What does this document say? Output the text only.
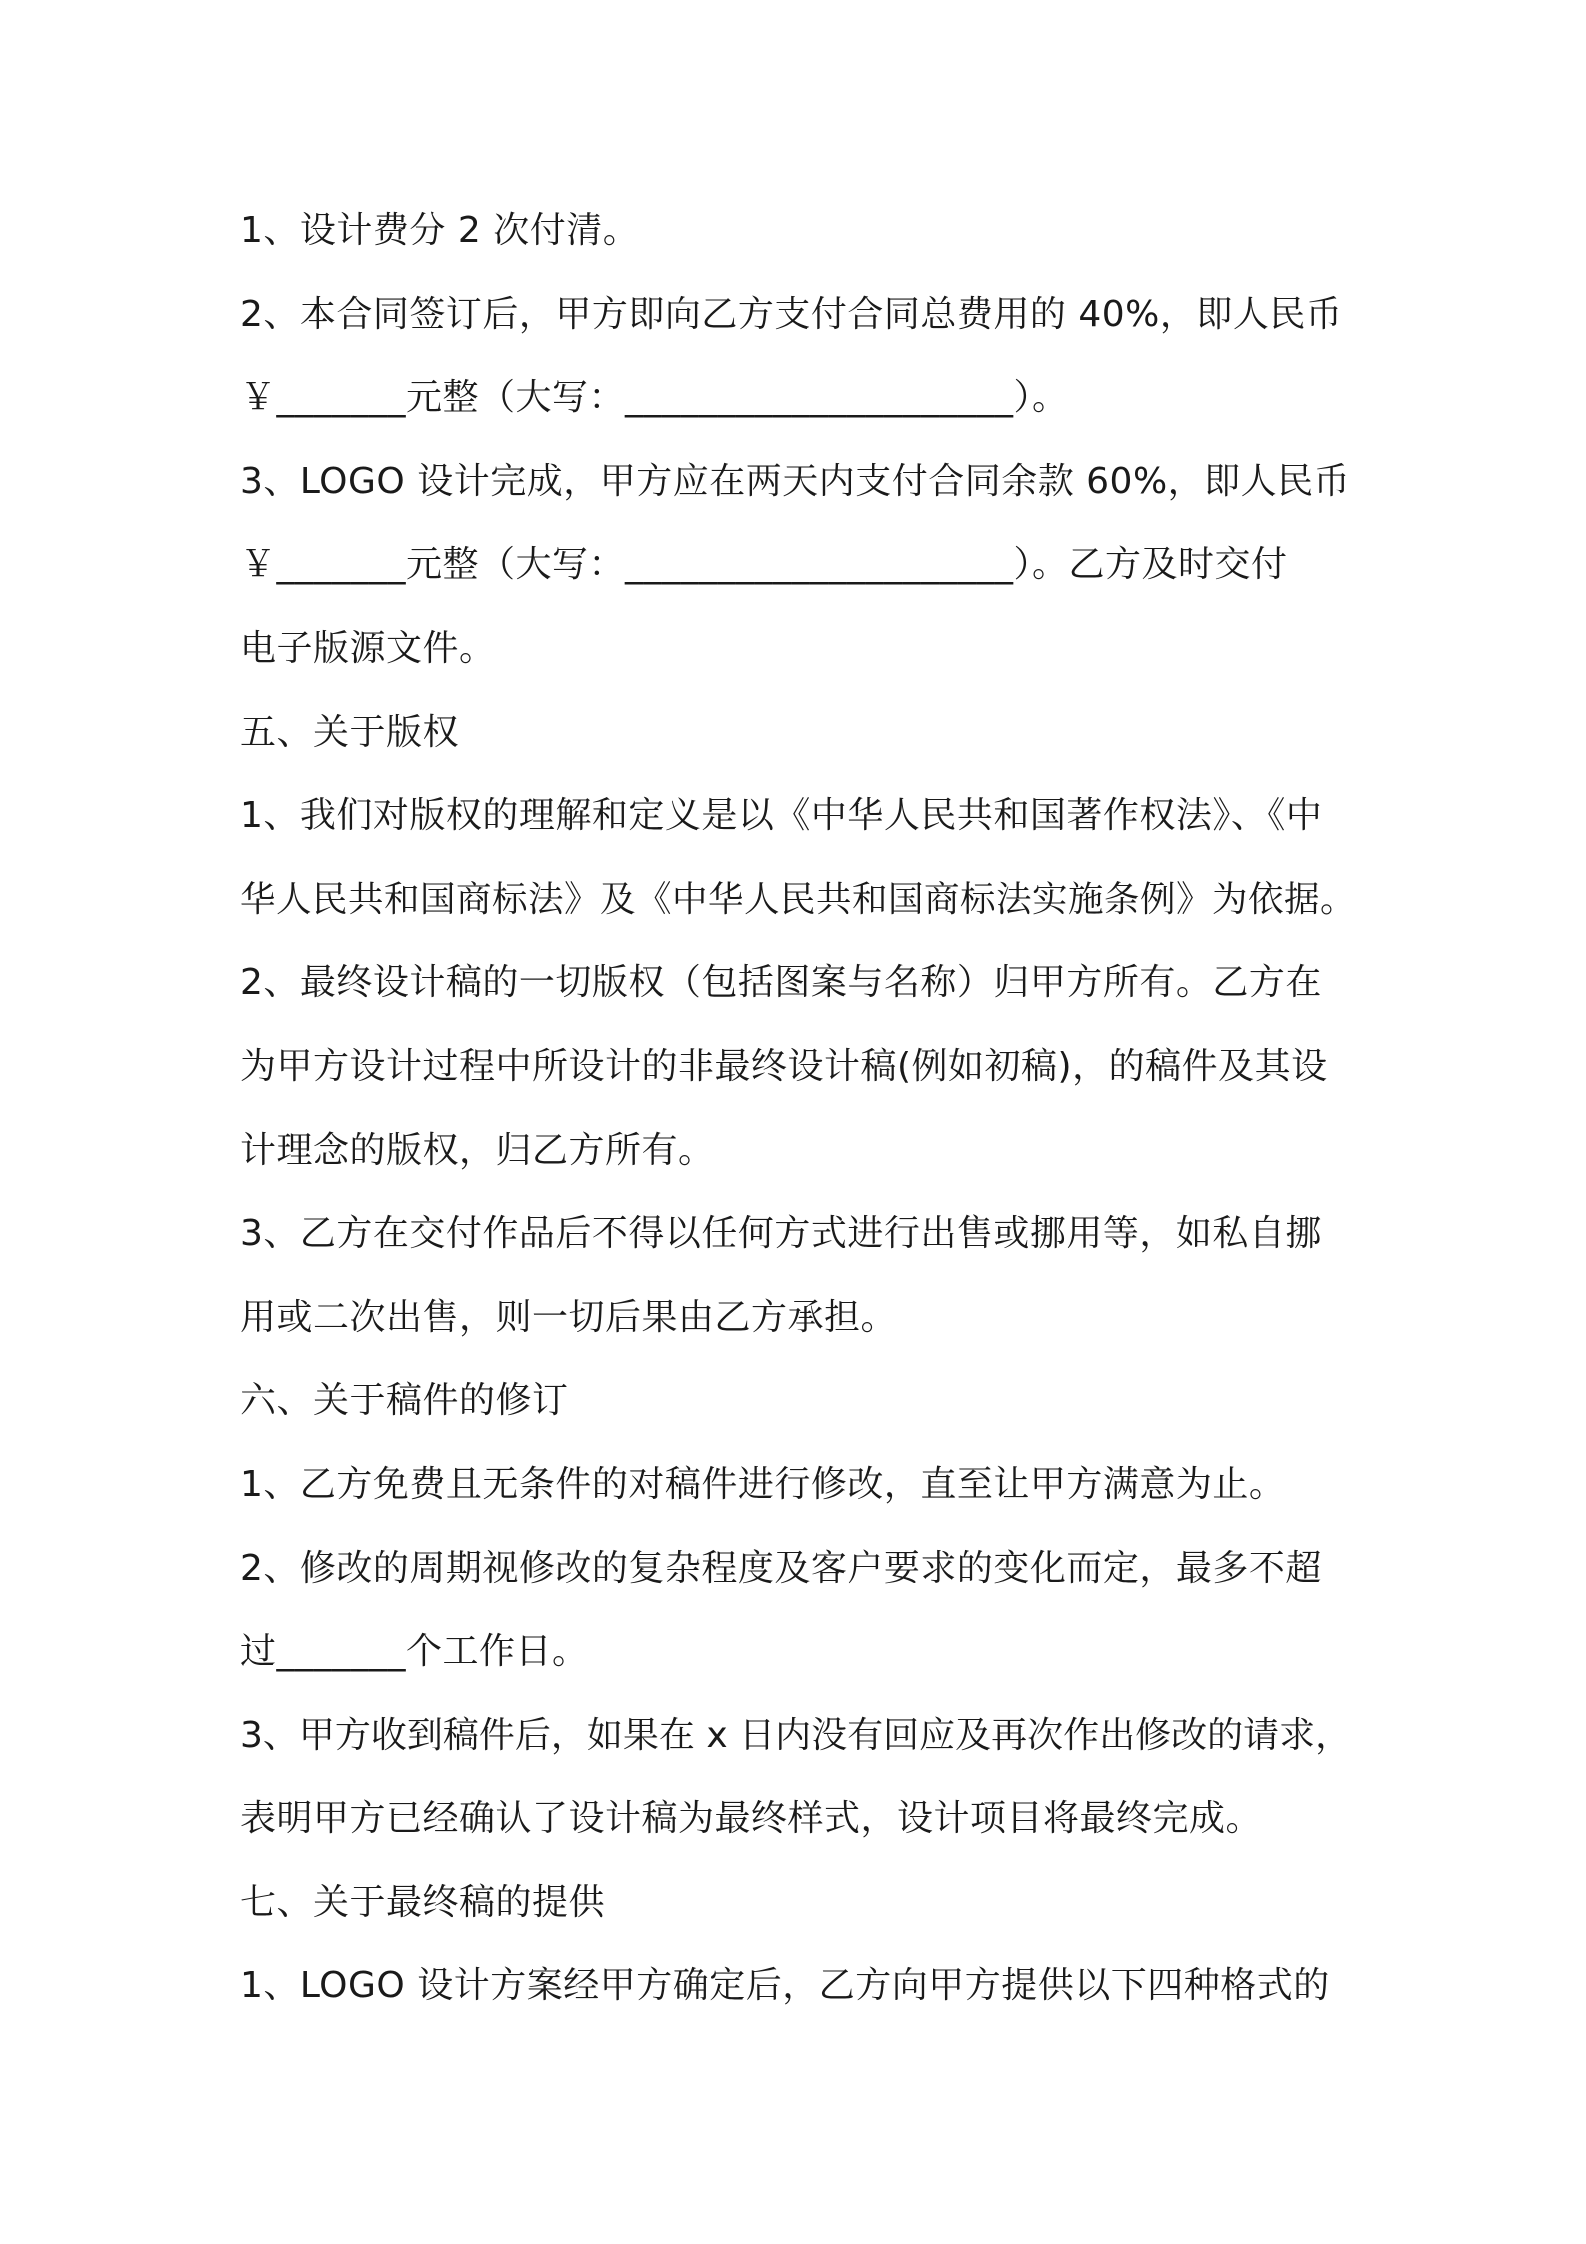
1、设计费分 2 次付清。
2、本合同签订后，甲方即向乙方支付合同总费用的 40%，即人民币
￥_______元整（大写：_____________________）。
3、LOGO 设计完成，甲方应在两天内支付合同余款 60%，即人民币
￥_______元整（大写：_____________________）。乙方及时交付
电子版源文件。
五、关于版权
1、我们对版权的理解和定义是以《中华人民共和国著作权法》、《中
华人民共和国商标法》及《中华人民共和国商标法实施条例》为依据。
2、最终设计稿的一切版权（包括图案与名称）归甲方所有。乙方在
为甲方设计过程中所设计的非最终设计稿(例如初稿)，的稿件及其设
计理念的版权，归乙方所有。
3、乙方在交付作品后不得以任何方式进行出售或挪用等，如私自挪
用或二次出售，则一切后果由乙方承担。
六、关于稿件的修订
1、乙方免费且无条件的对稿件进行修改，直至让甲方满意为止。
2、修改的周期视修改的复杂程度及客户要求的变化而定，最多不超
过_______个工作日。
3、甲方收到稿件后，如果在 x 日内没有回应及再次作出修改的请求，
表明甲方已经确认了设计稿为最终样式，设计项目将最终完成。
七、关于最终稿的提供
1、LOGO 设计方案经甲方确定后，乙方向甲方提供以下四种格式的
